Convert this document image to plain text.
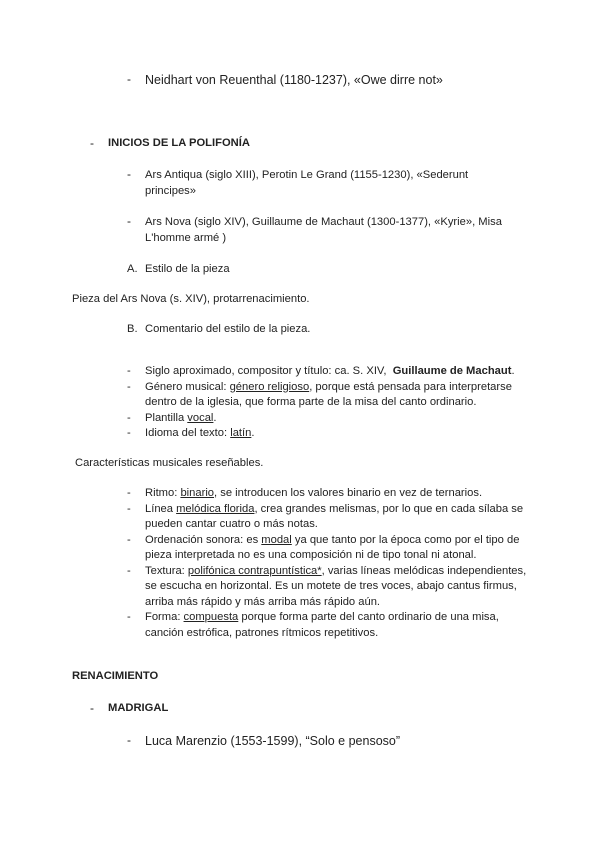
- Neidhart von Reuenthal (1180-1237), «Owe dirre not»
- INICIOS DE LA POLIFONÍA
- Ars Antiqua (siglo XIII), Perotin Le Grand (1155-1230), «Sederunt
principes»
- Ars Nova (siglo XIV), Guillaume de Machaut (1300-1377), «Kyrie», Misa
L'homme armé )
A. Estilo de la pieza
Pieza del Ars Nova (s. XIV), protarrenacimiento.
B. Comentario del estilo de la pieza.
- Siglo aproximado, compositor y título: ca. S. XIV, Guillaume de Machaut.
- Género musical: género religioso, porque está pensada para interpretarse
dentro de la iglesia, que forma parte de la misa del canto ordinario.
- Plantilla vocal.
- Idioma del texto: latín.
Características musicales reseñables.
- Ritmo: binario, se introducen los valores binario en vez de ternarios.
- Línea melódica florida, crea grandes melismas, por lo que en cada sílaba se
pueden cantar cuatro o más notas.
- Ordenación sonora: es modal ya que tanto por la época como por el tipo de
pieza interpretada no es una composición ni de tipo tonal ni atonal.
- Textura: polifónica contrapuntística*, varias líneas melódicas independientes,
se escucha en horizontal. Es un motete de tres voces, abajo cantus firmus,
arriba más rápido y más arriba más rápido aún.
- Forma: compuesta porque forma parte del canto ordinario de una misa,
canción estrófica, patrones rítmicos repetitivos.
RENACIMIENTO
- MADRIGAL
- Luca Marenzio (1553-1599), “Solo e pensoso”
